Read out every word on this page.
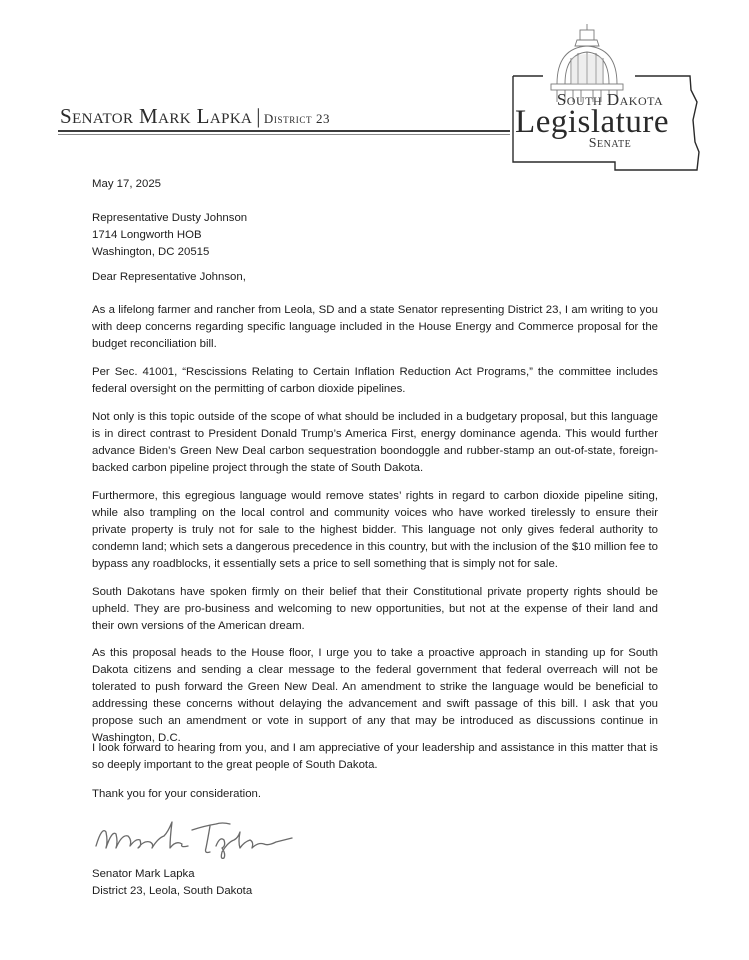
Senator Mark Lapka | District 23
South Dakota
Legislature
Senate
May 17, 2025
Representative Dusty Johnson
1714 Longworth HOB
Washington, DC 20515
Dear Representative Johnson,
As a lifelong farmer and rancher from Leola, SD and a state Senator representing District 23, I am writing to you with deep concerns regarding specific language included in the House Energy and Commerce proposal for the budget reconciliation bill.
Per Sec. 41001, “Rescissions Relating to Certain Inflation Reduction Act Programs,” the committee includes federal oversight on the permitting of carbon dioxide pipelines.
Not only is this topic outside of the scope of what should be included in a budgetary proposal, but this language is in direct contrast to President Donald Trump’s America First, energy dominance agenda. This would further advance Biden’s Green New Deal carbon sequestration boondoggle and rubber-stamp an out-of-state, foreign-backed carbon pipeline project through the state of South Dakota.
Furthermore, this egregious language would remove states’ rights in regard to carbon dioxide pipeline siting, while also trampling on the local control and community voices who have worked tirelessly to ensure their private property is truly not for sale to the highest bidder. This language not only gives federal authority to condemn land; which sets a dangerous precedence in this country, but with the inclusion of the $10 million fee to bypass any roadblocks, it essentially sets a price to sell something that is simply not for sale.
South Dakotans have spoken firmly on their belief that their Constitutional private property rights should be upheld. They are pro-business and welcoming to new opportunities, but not at the expense of their land and their own versions of the American dream.
As this proposal heads to the House floor, I urge you to take a proactive approach in standing up for South Dakota citizens and sending a clear message to the federal government that federal overreach will not be tolerated to push forward the Green New Deal. An amendment to strike the language would be beneficial to addressing these concerns without delaying the advancement and swift passage of this bill. I ask that you propose such an amendment or vote in support of any that may be introduced as discussions continue in Washington, D.C.
I look forward to hearing from you, and I am appreciative of your leadership and assistance in this matter that is so deeply important to the great people of South Dakota.
Thank you for your consideration.
Senator Mark Lapka
District 23, Leola, South Dakota
